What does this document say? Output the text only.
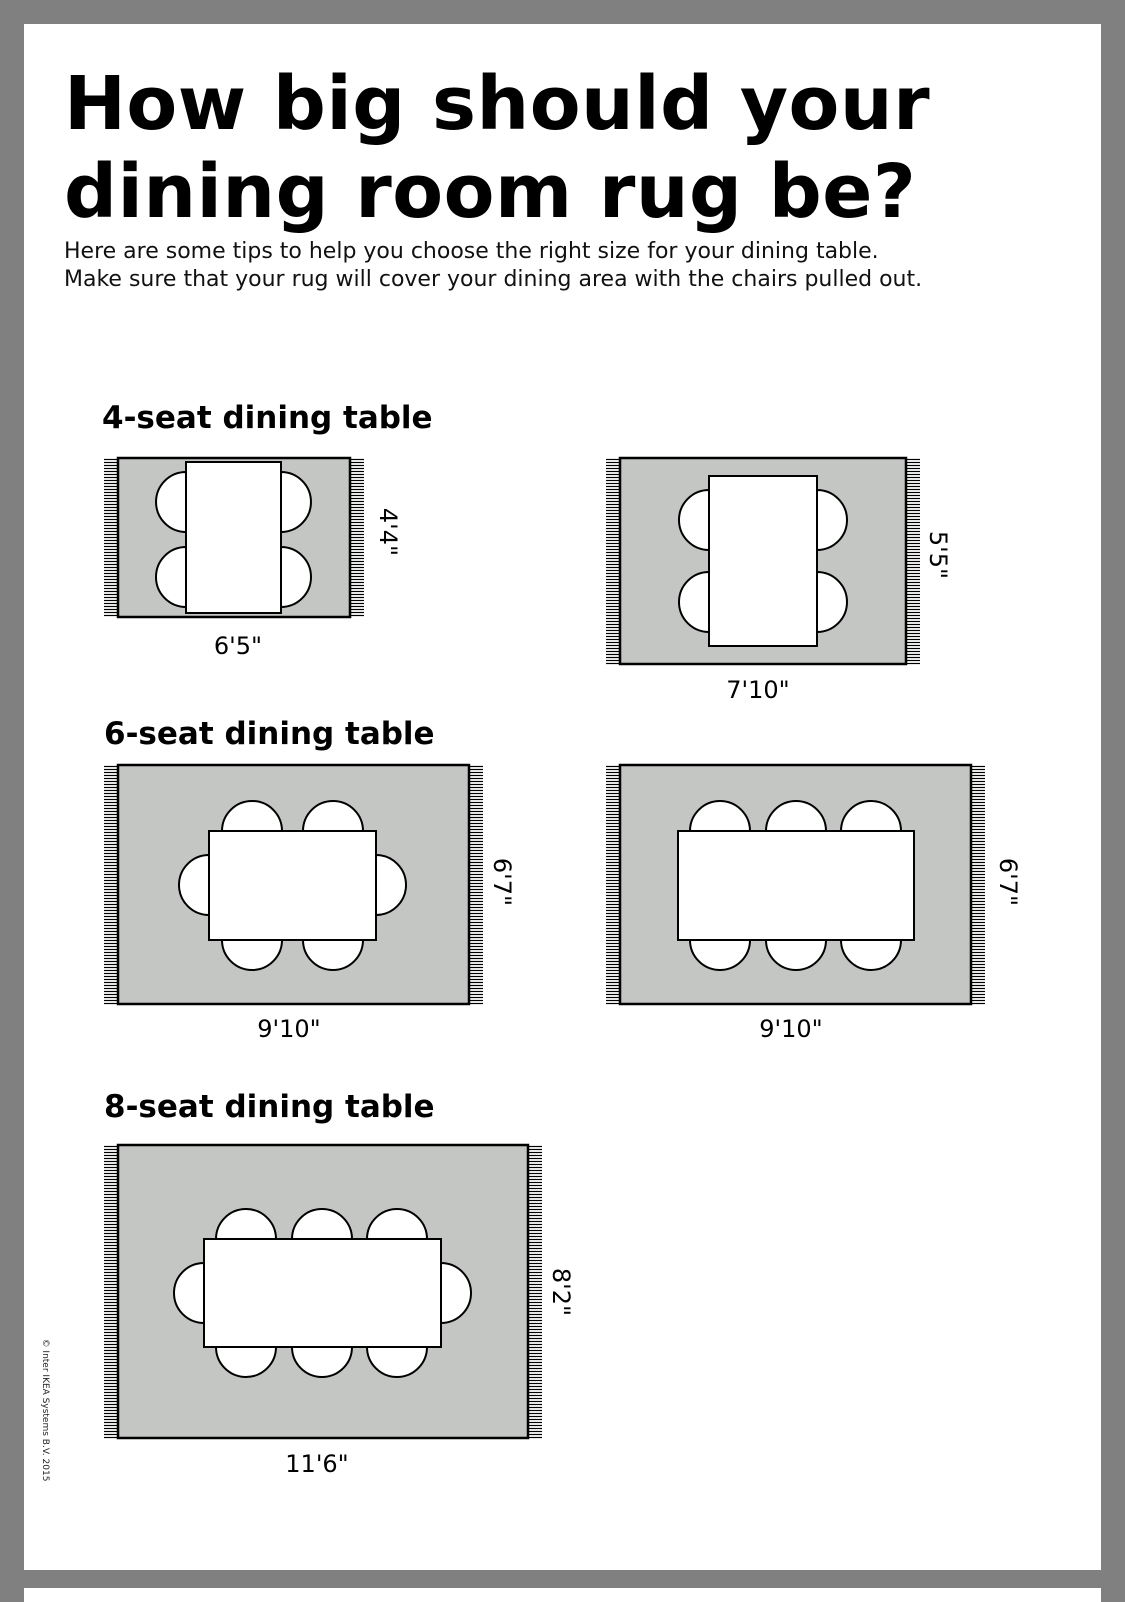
How big should your
dining room rug be?
Here are some tips to help you choose the right size for your dining table.
Make sure that your rug will cover your dining area with the chairs pulled out.
4-seat dining table
6-seat dining table
8-seat dining table
6'5"
4'4"
7'10"
5'5"
9'10"
6'7"
9'10"
6'7"
11'6"
8'2"
© Inter IKEA Systems B.V. 2015
